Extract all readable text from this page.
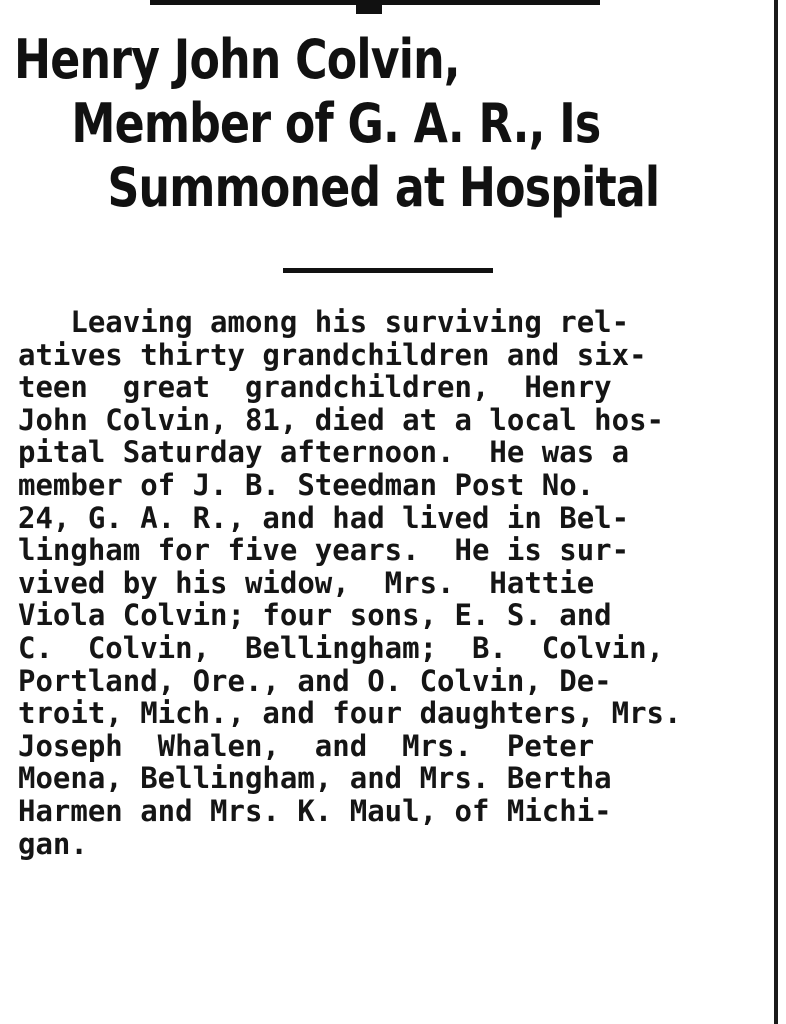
Henry John Colvin,
Member of G. A. R., Is
Summoned at Hospital
Leaving among his surviving rel-
atives thirty grandchildren and six-
teen  great  grandchildren,  Henry
John Colvin, 81, died at a local hos-
pital Saturday afternoon.  He was a
member of J. B. Steedman Post No.
24, G. A. R., and had lived in Bel-
lingham for five years.  He is sur-
vived by his widow,  Mrs.  Hattie
Viola Colvin; four sons, E. S. and
C.  Colvin,  Bellingham;  B.  Colvin,
Portland, Ore., and O. Colvin, De-
troit, Mich., and four daughters, Mrs.
Joseph  Whalen,  and  Mrs.  Peter
Moena, Bellingham, and Mrs. Bertha
Harmen and Mrs. K. Maul, of Michi-
gan.
